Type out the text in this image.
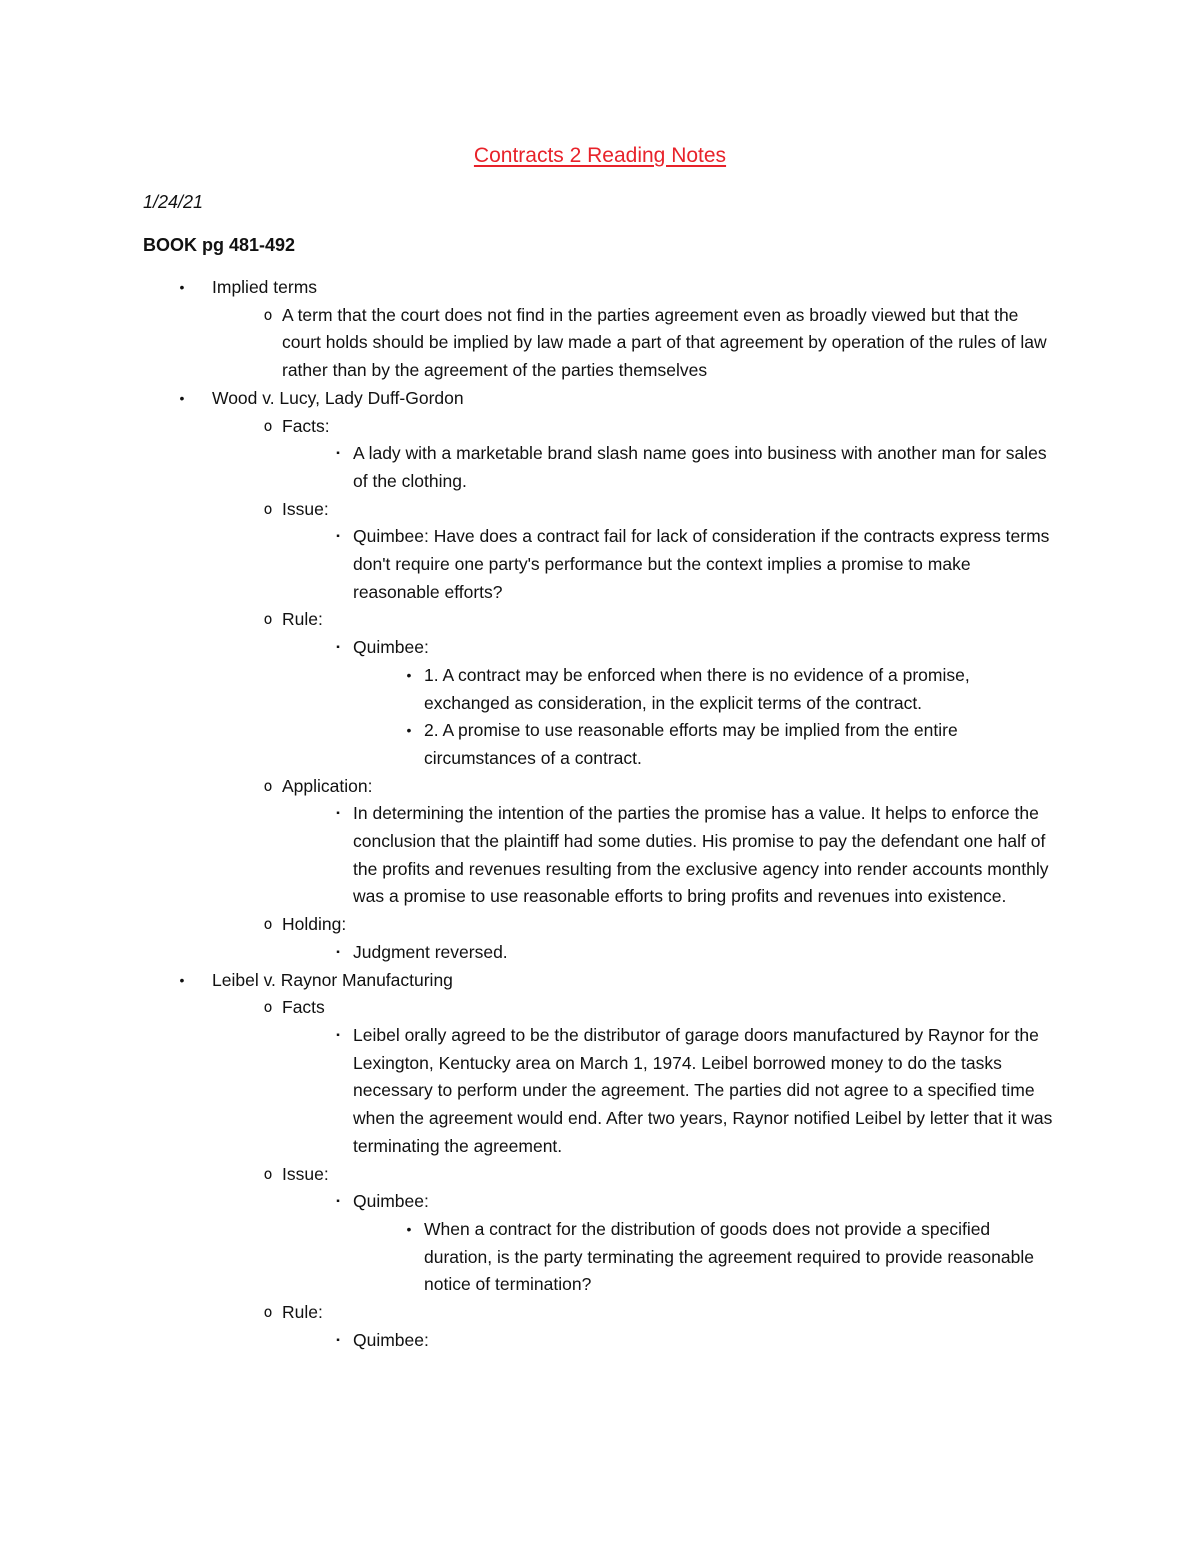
Contracts 2 Reading Notes
1/24/21
BOOK pg 481-492
•	Implied terms
o A term that the court does not find in the parties agreement even as broadly viewed but that the court holds should be implied by law made a part of that agreement by operation of the rules of law rather than by the agreement of the parties themselves
•	Wood v. Lucy, Lady Duff-Gordon
o Facts:
▪ A lady with a marketable brand slash name goes into business with another man for sales of the clothing.
o Issue:
▪ Quimbee: Have does a contract fail for lack of consideration if the contracts express terms don't require one party's performance but the context implies a promise to make reasonable efforts?
o Rule:
▪ Quimbee:
• 1. A contract may be enforced when there is no evidence of a promise, exchanged as consideration, in the explicit terms of the contract.
• 2. A promise to use reasonable efforts may be implied from the entire circumstances of a contract.
o Application:
▪ In determining the intention of the parties the promise has a value. It helps to enforce the conclusion that the plaintiff had some duties. His promise to pay the defendant one half of the profits and revenues resulting from the exclusive agency into render accounts monthly was a promise to use reasonable efforts to bring profits and revenues into existence.
o Holding:
▪ Judgment reversed.
•	Leibel v. Raynor Manufacturing
o Facts
▪ Leibel orally agreed to be the distributor of garage doors manufactured by Raynor for the Lexington, Kentucky area on March 1, 1974. Leibel borrowed money to do the tasks necessary to perform under the agreement. The parties did not agree to a specified time when the agreement would end. After two years, Raynor notified Leibel by letter that it was terminating the agreement.
o Issue:
▪ Quimbee:
• When a contract for the distribution of goods does not provide a specified duration, is the party terminating the agreement required to provide reasonable notice of termination?
o Rule:
▪ Quimbee:
